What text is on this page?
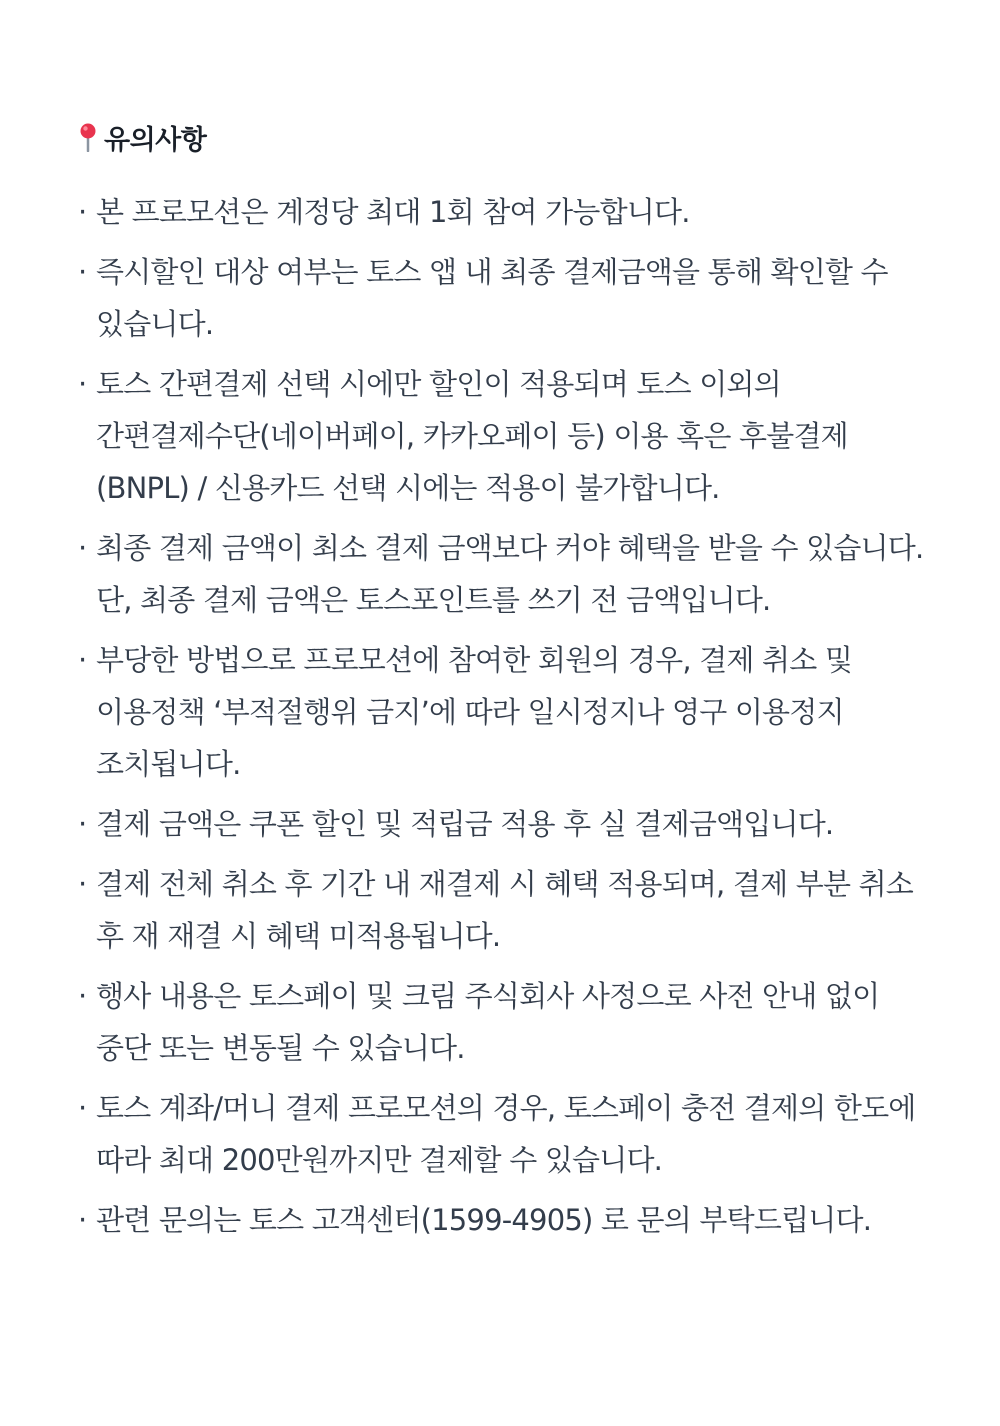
유의사항
· 본 프로모션은 계정당 최대 1회 참여 가능합니다.
· 즉시할인 대상 여부는 토스 앱 내 최종 결제금액을 통해 확인할 수 있습니다.
· 토스 간편결제 선택 시에만 할인이 적용되며 토스 이외의 간편결제수단(네이버페이, 카카오페이 등) 이용 혹은 후불결제 (BNPL) / 신용카드 선택 시에는 적용이 불가합니다.
· 최종 결제 금액이 최소 결제 금액보다 커야 혜택을 받을 수 있습니다. 단, 최종 결제 금액은 토스포인트를 쓰기 전 금액입니다.
· 부당한 방법으로 프로모션에 참여한 회원의 경우, 결제 취소 및 이용정책 ‘부적절행위 금지’에 따라 일시정지나 영구 이용정지 조치됩니다.
· 결제 금액은 쿠폰 할인 및 적립금 적용 후 실 결제금액입니다.
· 결제 전체 취소 후 기간 내 재결제 시 혜택 적용되며, 결제 부분 취소 후 재 재결 시 혜택 미적용됩니다.
· 행사 내용은 토스페이 및 크림 주식회사 사정으로 사전 안내 없이 중단 또는 변동될 수 있습니다.
· 토스 계좌/머니 결제 프로모션의 경우, 토스페이 충전 결제의 한도에 따라 최대 200만원까지만 결제할 수 있습니다.
· 관련 문의는 토스 고객센터(1599-4905) 로 문의 부탁드립니다.
